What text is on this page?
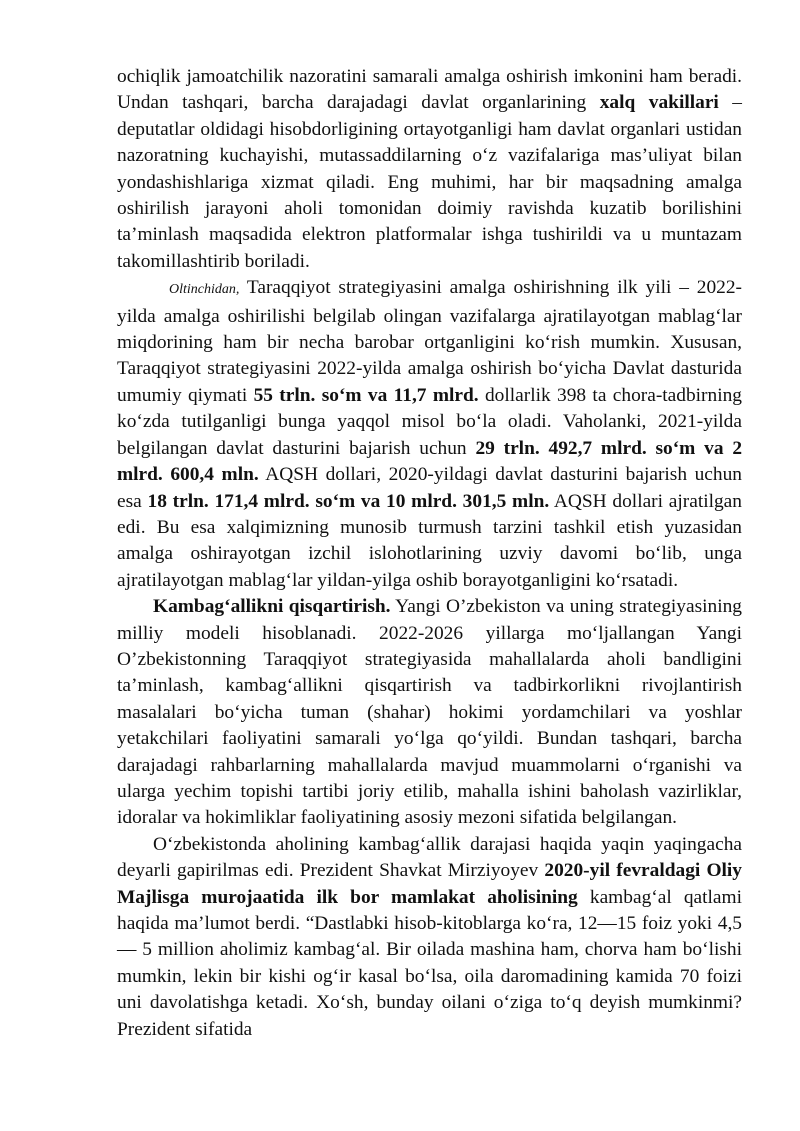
ochiqlik jamoatchilik nazoratini samarali amalga oshirish imkonini ham beradi. Undan tashqari, barcha darajadagi davlat organlarining xalq vakillari – deputatlar oldidagi hisobdorligining ortayotganligi ham davlat organlari ustidan nazoratning kuchayishi, mutassaddilarning o‘z vazifalariga mas’uliyat bilan yondashishlariga xizmat qiladi. Eng muhimi, har bir maqsadning amalga oshirilish jarayoni aholi tomonidan doimiy ravishda kuzatib borilishini ta’minlash maqsadida elektron platformalar ishga tushirildi va u muntazam takomillashtirib boriladi.

Oltinchidan, Taraqqiyot strategiyasini amalga oshirishning ilk yili – 2022-yilda amalga oshirilishi belgilab olingan vazifalarga ajratilayotgan mablag‘lar miqdorining ham bir necha barobar ortganligini ko‘rish mumkin. Xususan, Taraqqiyot strategiyasini 2022-yilda amalga oshirish bo‘yicha Davlat dasturida umumiy qiymati 55 trln. so‘m va 11,7 mlrd. dollarlik 398 ta chora-tadbirning ko‘zda tutilganligi bunga yaqqol misol bo‘la oladi. Vaholanki, 2021-yilda belgilangan davlat dasturini bajarish uchun 29 trln. 492,7 mlrd. so‘m va 2 mlrd. 600,4 mln. AQSH dollari, 2020-yildagi davlat dasturini bajarish uchun esa 18 trln. 171,4 mlrd. so‘m va 10 mlrd. 301,5 mln. AQSH dollari ajratilgan edi. Bu esa xalqimizning munosib turmush tarzini tashkil etish yuzasidan amalga oshirayotgan izchil islohotlarining uzviy davomi bo‘lib, unga ajratilayotgan mablag‘lar yildan-yilga oshib borayotganligini ko‘rsatadi.

Kambag‘allikni qisqartirish. Yangi O’zbekiston va uning strategiyasining milliy modeli hisoblanadi. 2022-2026 yillarga mo‘ljallangan Yangi O’zbekistonning Taraqqiyot strategiyasida mahallalarda aholi bandligini ta’minlash, kambag‘allikni qisqartirish va tadbirkorlikni rivojlantirish masalalari bo‘yicha tuman (shahar) hokimi yordamchilari va yoshlar yetakchilari faoliyatini samarali yo‘lga qo‘yildi. Bundan tashqari, barcha darajadagi rahbarlarning mahallalarda mavjud muammolarni o‘rganishi va ularga yechim topishi tartibi joriy etilib, mahalla ishini baholash vazirliklar, idoralar va hokimliklar faoliyatining asosiy mezoni sifatida belgilangan.

O‘zbekistonda aholining kambag‘allik darajasi haqida yaqin yaqingacha deyarli gapirilmas edi. Prezident Shavkat Mirziyoyev 2020-yil fevraldagi Oliy Majlisga murojaatida ilk bor mamlakat aholisining kambag‘al qatlami haqida ma’lumot berdi. “Dastlabki hisob-kitoblarga ko‘ra, 12—15 foiz yoki 4,5 — 5 million aholimiz kambag‘al. Bir oilada mashina ham, chorva ham bo‘lishi mumkin, lekin bir kishi og‘ir kasal bo‘lsa, oila daromadining kamida 70 foizi uni davolatishga ketadi. Xo‘sh, bunday oilani o‘ziga to‘q deyish mumkinmi? Prezident sifatida
